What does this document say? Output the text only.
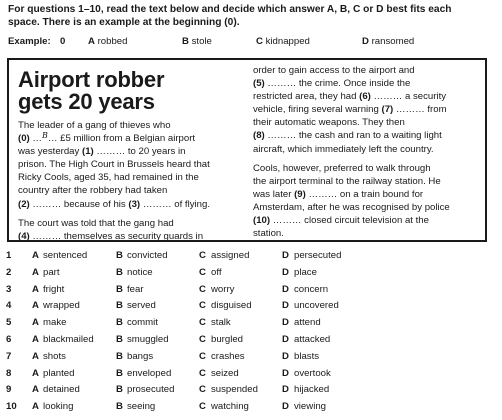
For questions 1–10, read the text below and decide which answer A, B, C or D best fits each space. There is an example at the beginning (0).
Example: 0 A robbed	B stole	C kidnapped	D ransomed
Airport robber
gets 20 years
The leader of a gang of thieves who
(0) …$^B$… £5 million from a Belgian airport
was yesterday (1) ……… to 20 years in
prison. The High Court in Brussels heard that
Ricky Cools, aged 35, had remained in the
country after the robbery had taken
(2) ……… because of his (3) ……… of flying.
The court was told that the gang had
(4) ……… themselves as security guards in
order to gain access to the airport and
(5) ……… the crime. Once inside the
restricted area, they had (6) ……… a security
vehicle, firing several warning (7) ……… from
their automatic weapons. They then
(8) ……… the cash and ran to a waiting light
aircraft, which immediately left the country.
Cools, however, preferred to walk through
the airport terminal to the railway station. He
was later (9) ……… on a train bound for
Amsterdam, after he was recognised by police
(10) ……… closed circuit television at the
station.
1 A sentenced	B convicted	C assigned	D persecuted
2 A part	B notice	C off	D place
3 A fright	B fear	C worry	D concern
4 A wrapped	B served	C disguised	D uncovered
5 A make	B commit	C stalk	D attend
6 A blackmailed B smuggled	C burgled	D attacked
7 A shots	B bangs	C crashes	D blasts
8 A planted	B enveloped	C seized	D overtook
9 A detained	B prosecuted	C suspended	D hijacked
10 A looking	B seeing	C watching	D viewing
